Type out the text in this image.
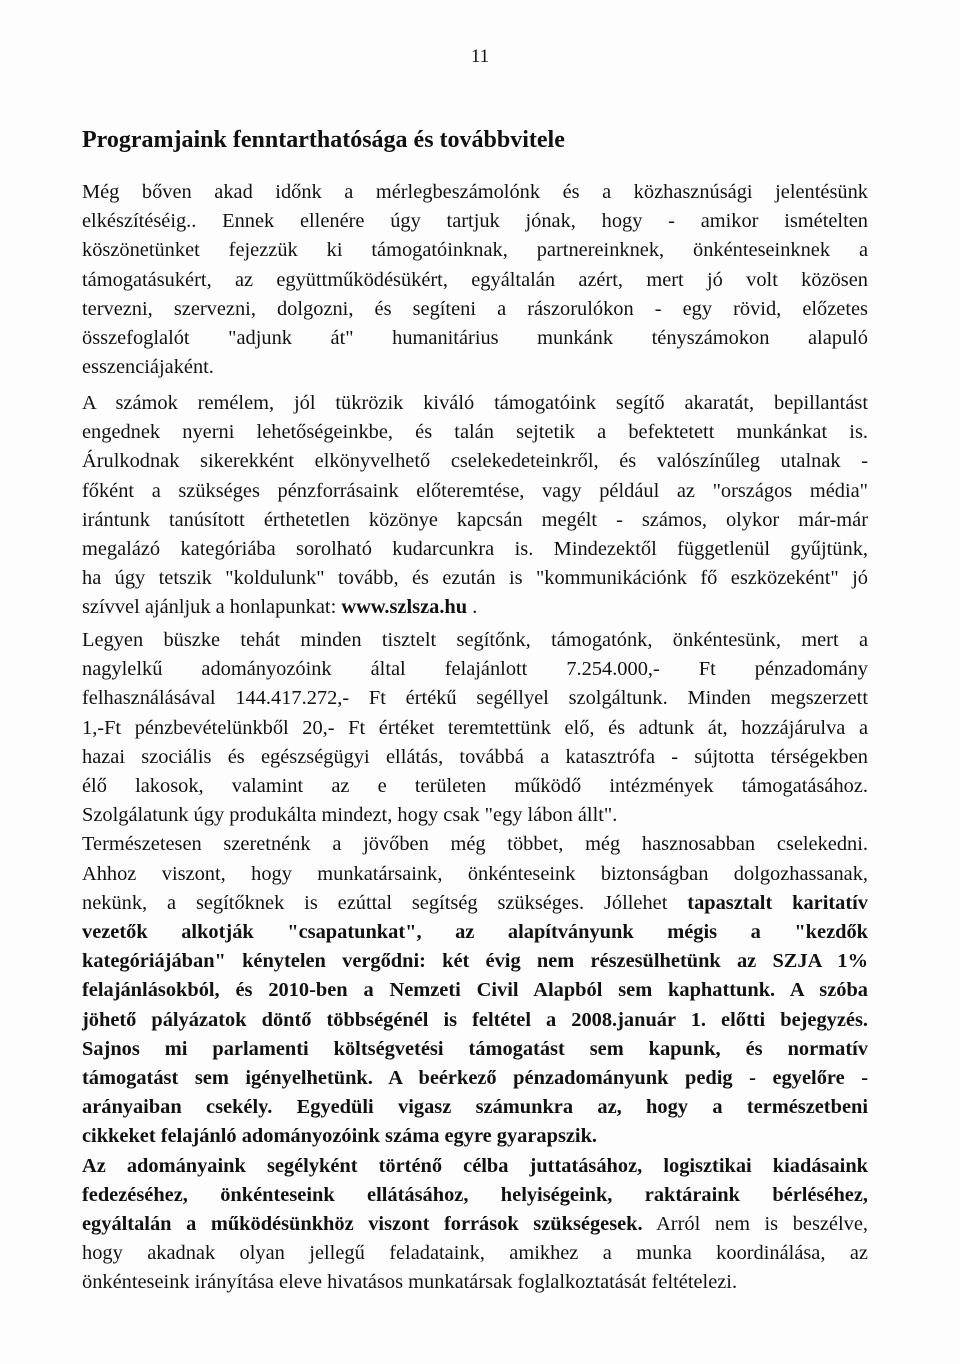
11
Programjaink fenntarthatósága és továbbvitele
Még bőven akad időnk a mérlegbeszámolónk és a közhasznúsági jelentésünk
elkészítéséig.. Ennek ellenére úgy tartjuk jónak, hogy - amikor ismételten
köszönetünket fejezzük ki támogatóinknak, partnereinknek, önkénteseinknek a
támogatásukért, az együttműködésükért, egyáltalán azért, mert jó volt közösen
tervezni, szervezni, dolgozni, és segíteni a rászorulókon - egy rövid, előzetes
összefoglalót "adjunk át" humanitárius munkánk tényszámokon alapuló
esszenciájaként.
A számok remélem, jól tükrözik kiváló támogatóink segítő akaratát, bepillantást
engednek nyerni lehetőségeinkbe, és talán sejtetik a befektetett munkánkat is.
Árulkodnak sikerekként elkönyvelhető cselekedeteinkről, és valószínűleg utalnak -
főként a szükséges pénzforrásaink előteremtése, vagy például az "országos média"
irántunk tanúsított érthetetlen közönye kapcsán megélt - számos, olykor már-már
megalázó kategóriába sorolható kudarcunkra is. Mindezektől függetlenül gyűjtünk,
ha úgy tetszik "koldulunk" tovább, és ezután is "kommunikációnk fő eszközeként" jó
szívvel ajánljuk a honlapunkat: www.szlsza.hu .
Legyen büszke tehát minden tisztelt segítőnk, támogatónk, önkéntesünk, mert a
nagylelkű adományozóink által felajánlott 7.254.000,- Ft pénzadomány
felhasználásával 144.417.272,- Ft értékű segéllyel szolgáltunk. Minden megszerzett
1,-Ft pénzbevételünkből 20,- Ft értéket teremtettünk elő, és adtunk át, hozzájárulva a
hazai szociális és egészségügyi ellátás, továbbá a katasztrófa - sújtotta térségekben
élő lakosok, valamint az e területen működő intézmények támogatásához.
Szolgálatunk úgy produkálta mindezt, hogy csak "egy lábon állt".
Természetesen szeretnénk a jövőben még többet, még hasznosabban cselekedni.
Ahhoz viszont, hogy munkatársaink, önkénteseink biztonságban dolgozhassanak,
nekünk, a segítőknek is ezúttal segítség szükséges. Jóllehet tapasztalt karitatív
vezetők alkotják "csapatunkat", az alapítványunk mégis a "kezdők
kategóriájában" kénytelen vergődni: két évig nem részesülhetünk az SZJA 1%
felajánlásokból, és 2010-ben a Nemzeti Civil Alapból sem kaphattunk. A szóba
jöhető pályázatok döntő többségénél is feltétel a 2008.január 1. előtti bejegyzés.
Sajnos mi parlamenti költségvetési támogatást sem kapunk, és normatív
támogatást sem igényelhetünk. A beérkező pénzadományunk pedig - egyelőre -
arányaiban csekély. Egyedüli vigasz számunkra az, hogy a természetbeni
cikkeket felajánló adományozóink száma egyre gyarapszik.
Az adományaink segélyként történő célba juttatásához, logisztikai kiadásaink
fedezéséhez, önkénteseink ellátásához, helyiségeink, raktáraink bérléséhez,
egyáltalán a működésünkhöz viszont források szükségesek. Arról nem is beszélve,
hogy akadnak olyan jellegű feladataink, amikhez a munka koordinálása, az
önkénteseink irányítása eleve hivatásos munkatársak foglalkoztatását feltételezi.
